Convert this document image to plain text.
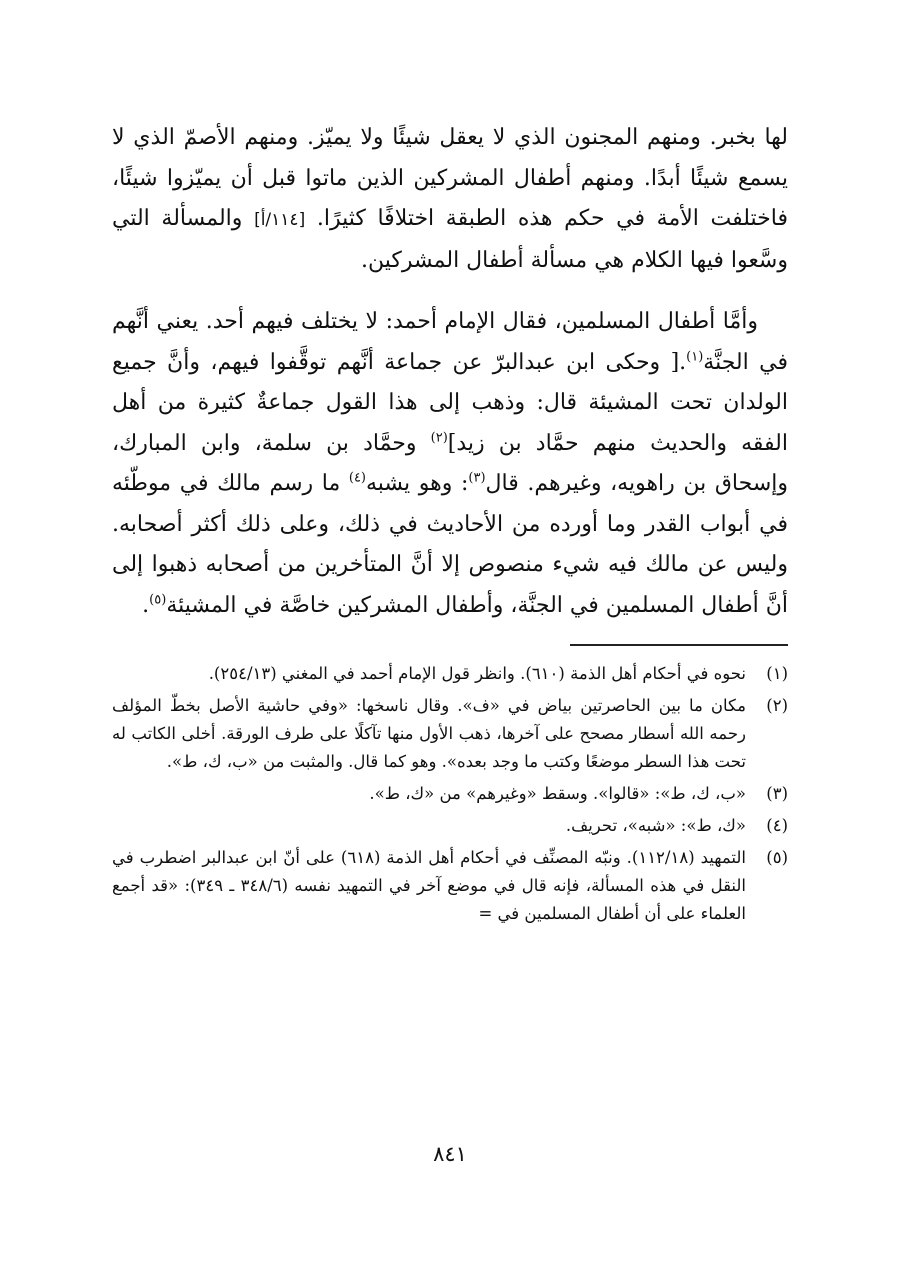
لها بخبر. ومنهم المجنون الذي لا يعقل شيئًا ولا يميّز. ومنهم الأصمّ الذي لا يسمع شيئًا أبدًا. ومنهم أطفال المشركين الذين ماتوا قبل أن يميّزوا شيئًا، فاختلفت الأمة في حكم هذه الطبقة اختلافًا كثيرًا. [١١٤/أ] والمسألة التي وسَّعوا فيها الكلام هي مسألة أطفال المشركين.

وأمَّا أطفال المسلمين، فقال الإمام أحمد: لا يختلف فيهم أحد. يعني أنَّهم في الجنَّة$^{(١)}$.[ وحكى ابن عبدالبرّ عن جماعة أنَّهم توقَّفوا فيهم، وأنَّ جميع الولدان تحت المشيئة قال: وذهب إلى هذا القول جماعةٌ كثيرة من أهل الفقه والحديث منهم حمَّاد بن زيد]$^{(٢)}$ وحمَّاد بن سلمة، وابن المبارك، وإسحاق بن راهويه، وغيرهم. قال$^{(٣)}$: وهو يشبه$^{(٤)}$ ما رسم مالك في موطّئه في أبواب القدر وما أورده من الأحاديث في ذلك، وعلى ذلك أكثر أصحابه. وليس عن مالك فيه شيء منصوص إلا أنَّ المتأخرين من أصحابه ذهبوا إلى أنَّ أطفال المسلمين في الجنَّة، وأطفال المشركين خاصَّة في المشيئة$^{(٥)}$.

(١)
نحوه في أحكام أهل الذمة (٦١٠). وانظر قول الإمام أحمد في المغني (٢٥٤/١٣).
(٢)
مكان ما بين الحاصرتين بياض في «ف». وقال ناسخها: «وفي حاشية الأصل بخطّ المؤلف رحمه الله أسطار مصحح على آخرها، ذهب الأول منها تآكلًا على طرف الورقة. أخلى الكاتب له تحت هذا السطر موضعًا وكتب ما وجد بعده». وهو كما قال. والمثبت من «ب، ك، ط».
(٣)
«ب، ك، ط»: «قالوا». وسقط «وغيرهم» من «ك، ط».
(٤)
«ك، ط»: «شبه»، تحريف.
(٥)
التمهيد (١١٢/١٨). ونبّه المصنِّف في أحكام أهل الذمة (٦١٨) على أنّ ابن عبدالبر اضطرب في النقل في هذه المسألة، فإنه قال في موضع آخر في التمهيد نفسه (٣٤٨/٦ ـ ٣٤٩): «قد أجمع العلماء على أن أطفال المسلمين في =
٨٤١
